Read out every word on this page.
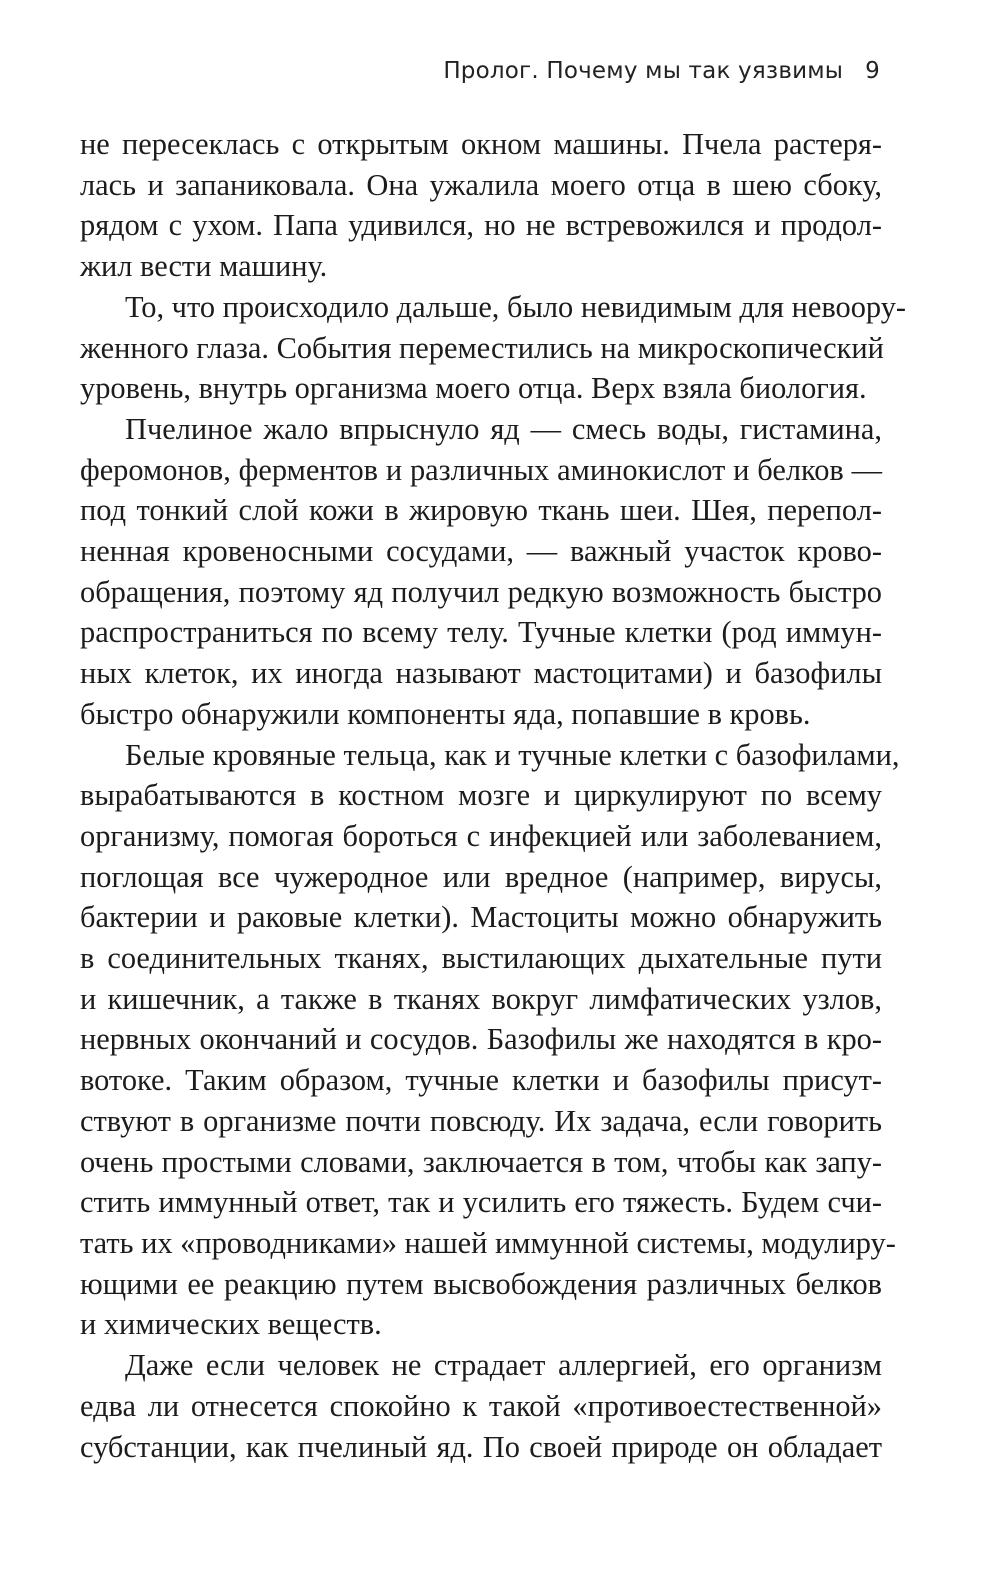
Пролог. Почему мы так уязвимы 9
не пересеклась с открытым окном машины. Пчела растеря-
лась и запаниковала. Она ужалила моего отца в шею сбоку,
рядом с ухом. Папа удивился, но не встревожился и продол-
жил вести машину.
То, что происходило дальше, было невидимым для невоору-
женного глаза. События переместились на микроскопический
уровень, внутрь организма моего отца. Верх взяла биология.
Пчелиное жало впрыснуло яд — смесь воды, гистамина,
феромонов, ферментов и различных аминокислот и белков —
под тонкий слой кожи в жировую ткань шеи. Шея, перепол-
ненная кровеносными сосудами, — важный участок крово-
обращения, поэтому яд получил редкую возможность быстро
распространиться по всему телу. Тучные клетки (род иммун-
ных клеток, их иногда называют мастоцитами) и базофилы
быстро обнаружили компоненты яда, попавшие в кровь.
Белые кровяные тельца, как и тучные клетки с базофилами,
вырабатываются в костном мозге и циркулируют по всему
организму, помогая бороться с инфекцией или заболеванием,
поглощая все чужеродное или вредное (например, вирусы,
бактерии и раковые клетки). Мастоциты можно обнаружить
в соединительных тканях, выстилающих дыхательные пути
и кишечник, а также в тканях вокруг лимфатических узлов,
нервных окончаний и сосудов. Базофилы же находятся в кро-
вотоке. Таким образом, тучные клетки и базофилы присут-
ствуют в организме почти повсюду. Их задача, если говорить
очень простыми словами, заключается в том, чтобы как запу-
стить иммунный ответ, так и усилить его тяжесть. Будем счи-
тать их «проводниками» нашей иммунной системы, модулиру-
ющими ее реакцию путем высвобождения различных белков
и химических веществ.
Даже если человек не страдает аллергией, его организм
едва ли отнесется спокойно к такой «противоестественной»
субстанции, как пчелиный яд. По своей природе он обладает
